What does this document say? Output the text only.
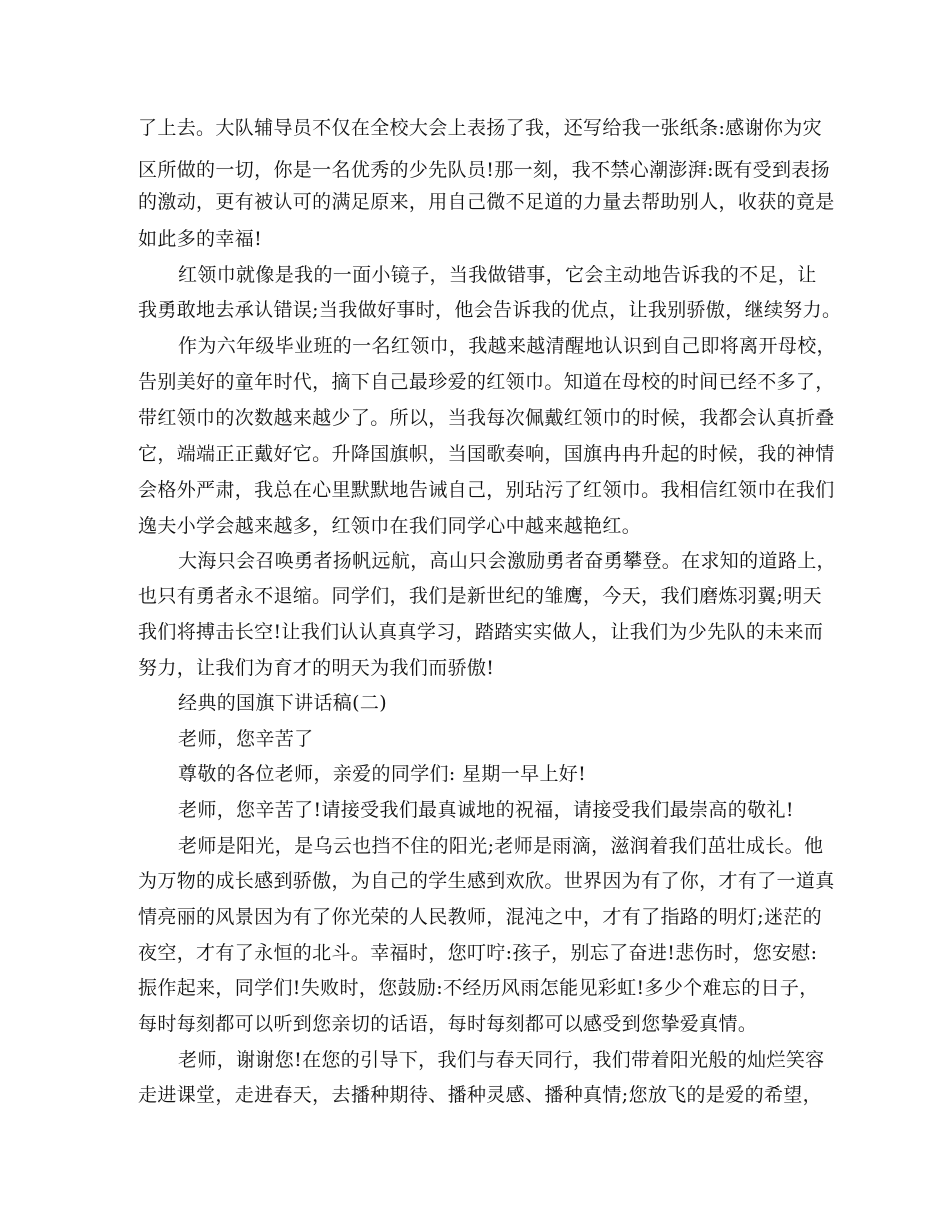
了上去。大队辅导员不仅在全校大会上表扬了我，还写给我一张纸条:感谢你为灾
区所做的一切，你是一名优秀的少先队员!那一刻，我不禁心潮澎湃:既有受到表扬
的激动，更有被认可的满足原来，用自己微不足道的力量去帮助别人，收获的竟是
如此多的幸福!
红领巾就像是我的一面小镜子，当我做错事，它会主动地告诉我的不足，让
我勇敢地去承认错误;当我做好事时，他会告诉我的优点，让我别骄傲，继续努力。
作为六年级毕业班的一名红领巾，我越来越清醒地认识到自己即将离开母校，
告别美好的童年时代，摘下自己最珍爱的红领巾。知道在母校的时间已经不多了，
带红领巾的次数越来越少了。所以，当我每次佩戴红领巾的时候，我都会认真折叠
它，端端正正戴好它。升降国旗帜，当国歌奏响，国旗冉冉升起的时候，我的神情
会格外严肃，我总在心里默默地告诫自己，别玷污了红领巾。我相信红领巾在我们
逸夫小学会越来越多，红领巾在我们同学心中越来越艳红。
大海只会召唤勇者扬帆远航，高山只会激励勇者奋勇攀登。在求知的道路上，
也只有勇者永不退缩。同学们，我们是新世纪的雏鹰，今天，我们磨炼羽翼;明天
我们将搏击长空!让我们认认真真学习，踏踏实实做人，让我们为少先队的未来而
努力，让我们为育才的明天为我们而骄傲!
经典的国旗下讲话稿(二)
老师，您辛苦了
尊敬的各位老师，亲爱的同学们: 星期一早上好!
老师，您辛苦了!请接受我们最真诚地的祝福，请接受我们最崇高的敬礼!
老师是阳光，是乌云也挡不住的阳光;老师是雨滴，滋润着我们茁壮成长。他
为万物的成长感到骄傲，为自己的学生感到欢欣。世界因为有了你，才有了一道真
情亮丽的风景因为有了你光荣的人民教师，混沌之中，才有了指路的明灯;迷茫的
夜空，才有了永恒的北斗。幸福时，您叮咛:孩子，别忘了奋进!悲伤时，您安慰:
振作起来，同学们!失败时，您鼓励:不经历风雨怎能见彩虹!多少个难忘的日子，
每时每刻都可以听到您亲切的话语，每时每刻都可以感受到您挚爱真情。
老师，谢谢您!在您的引导下，我们与春天同行，我们带着阳光般的灿烂笑容
走进课堂，走进春天，去播种期待、播种灵感、播种真情;您放飞的是爱的希望，
